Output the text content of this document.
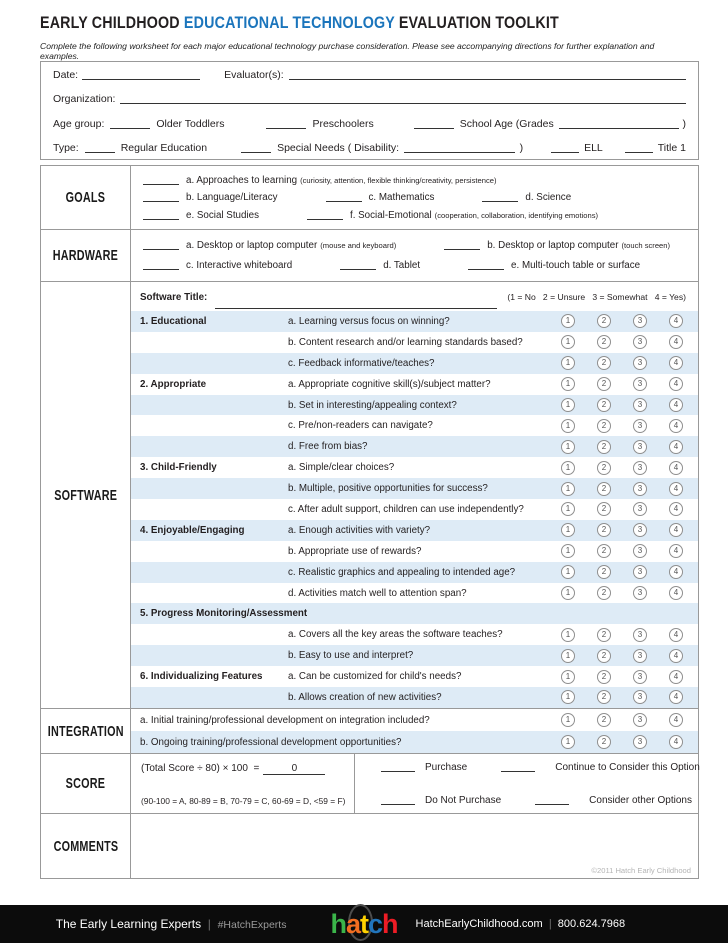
EARLY CHILDHOOD EDUCATIONAL TECHNOLOGY EVALUATION TOOLKIT

Complete the following worksheet for each major educational technology purchase consideration. Please see accompanying directions for further explanation and examples.

Date:	Evaluator(s):
Organization:
Age group:	Older Toddlers	Preschoolers	School Age (Grades	)
Type:	Regular Education	Special Needs ( Disability:	)	ELL	Title 1
GOALS
a. Approaches to learning (curiosity, attention, flexible thinking/creativity, persistence)
b. Language/Literacy	c. Mathematics	d. Science
e. Social Studies	f. Social-Emotional (cooperation, collaboration, identifying emotions)
HARDWARE
a. Desktop or laptop computer (mouse and keyboard)	b. Desktop or laptop computer (touch screen)
c. Interactive whiteboard	d. Tablet	e. Multi-touch table or surface
SOFTWARE
Software Title:	(1 = No   2 = Unsure   3 = Somewhat   4 = Yes)
1. Educational	a. Learning versus focus on winning?	1	2	3	4
b. Content research and/or learning standards based?	1	2	3	4
c. Feedback informative/teaches?	1	2	3	4
2. Appropriate	a. Appropriate cognitive skill(s)/subject matter?	1	2	3	4
b. Set in interesting/appealing context?	1	2	3	4
c. Pre/non-readers can navigate?	1	2	3	4
d. Free from bias?	1	2	3	4
3. Child-Friendly	a. Simple/clear choices?	1	2	3	4
b. Multiple, positive opportunities for success?	1	2	3	4
c. After adult support, children can use independently?	1	2	3	4
4. Enjoyable/Engaging	a. Enough activities with variety?	1	2	3	4
b. Appropriate use of rewards?	1	2	3	4
c. Realistic graphics and appealing to intended age?	1	2	3	4
d. Activities match well to attention span?	1	2	3	4
5. Progress Monitoring/Assessment
a. Covers all the key areas the software teaches?	1	2	3	4
b. Easy to use and interpret?	1	2	3	4
6. Individualizing Features	a. Can be customized for child's needs?	1	2	3	4
b. Allows creation of new activities?	1	2	3	4
INTEGRATION
a. Initial training/professional development on integration included?	1	2	3	4
b. Ongoing training/professional development opportunities?	1	2	3	4
SCORE
(Total Score ÷ 80) × 100  =	0
(90-100 = A, 80-89 = B, 70-79 = C, 60-69 = D, <59 = F)
Purchase	Continue to Consider this Option
Do Not Purchase	Consider other Options
COMMENTS
©2011 Hatch Early Childhood
The Early Learning Experts  |  #HatchExperts	hatch	HatchEarlyChildhood.com  |  800.624.7968
